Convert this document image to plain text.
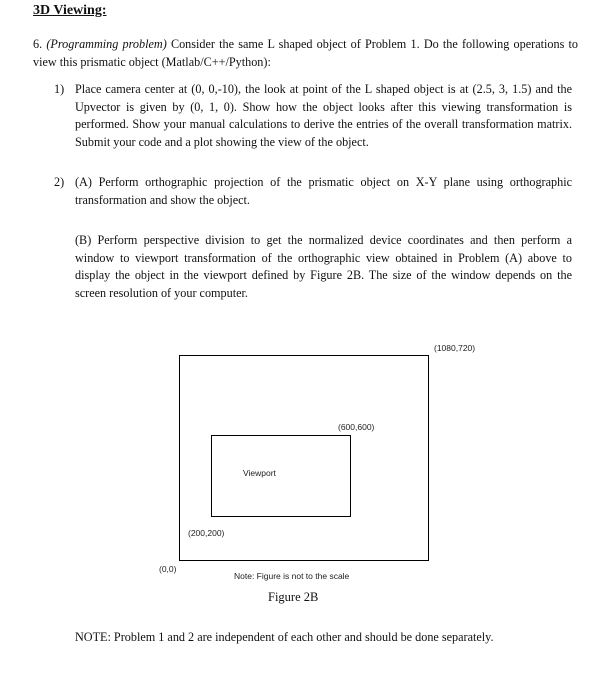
3D Viewing:
6. (Programming problem) Consider the same L shaped object of Problem 1. Do the following operations to view this prismatic object (Matlab/C++/Python):
1) Place camera center at (0, 0,-10), the look at point of the L shaped object is at (2.5, 3, 1.5) and the Upvector is given by (0, 1, 0). Show how the object looks after this viewing transformation is performed. Show your manual calculations to derive the entries of the overall transformation matrix. Submit your code and a plot showing the view of the object.
2) (A) Perform orthographic projection of the prismatic object on X-Y plane using orthographic transformation and show the object.
(B) Perform perspective division to get the normalized device coordinates and then perform a window to viewport transformation of the orthographic view obtained in Problem (A) above to display the object in the viewport defined by Figure 2B. The size of the window depends on the screen resolution of your computer.
(1080,720)
(600,600)
Viewport
(200,200)
(0,0)
Note: Figure is not to the scale
Figure 2B
NOTE: Problem 1 and 2 are independent of each other and should be done separately.
